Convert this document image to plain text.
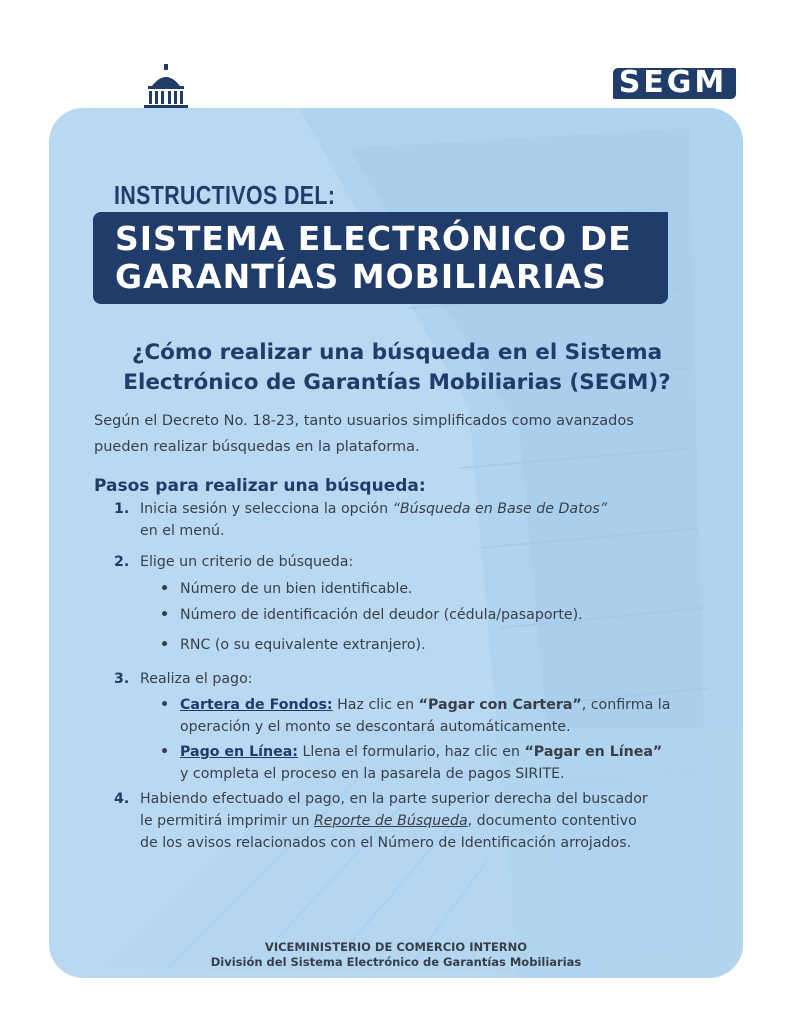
SEGM
INSTRUCTIVOS DEL:
SISTEMA ELECTRÓNICO DE
GARANTÍAS MOBILIARIAS
¿Cómo realizar una búsqueda en el Sistema
Electrónico de Garantías Mobiliarias (SEGM)?
Según el Decreto No. 18-23, tanto usuarios simplificados como avanzados
pueden realizar búsquedas en la plataforma.
Pasos para realizar una búsqueda:
1. Inicia sesión y selecciona la opción “Búsqueda en Base de Datos”
en el menú.
2. Elige un criterio de búsqueda:
• Número de un bien identificable.
• Número de identificación del deudor (cédula/pasaporte).
• RNC (o su equivalente extranjero).
3. Realiza el pago:
• Cartera de Fondos: Haz clic en “Pagar con Cartera”, confirma la
operación y el monto se descontará automáticamente.
• Pago en Línea: Llena el formulario, haz clic en “Pagar en Línea”
y completa el proceso en la pasarela de pagos SIRITE.
4. Habiendo efectuado el pago, en la parte superior derecha del buscador
le permitirá imprimir un Reporte de Búsqueda, documento contentivo
de los avisos relacionados con el Número de Identificación arrojados.
VICEMINISTERIO DE COMERCIO INTERNO
División del Sistema Electrónico de Garantías Mobiliarias
